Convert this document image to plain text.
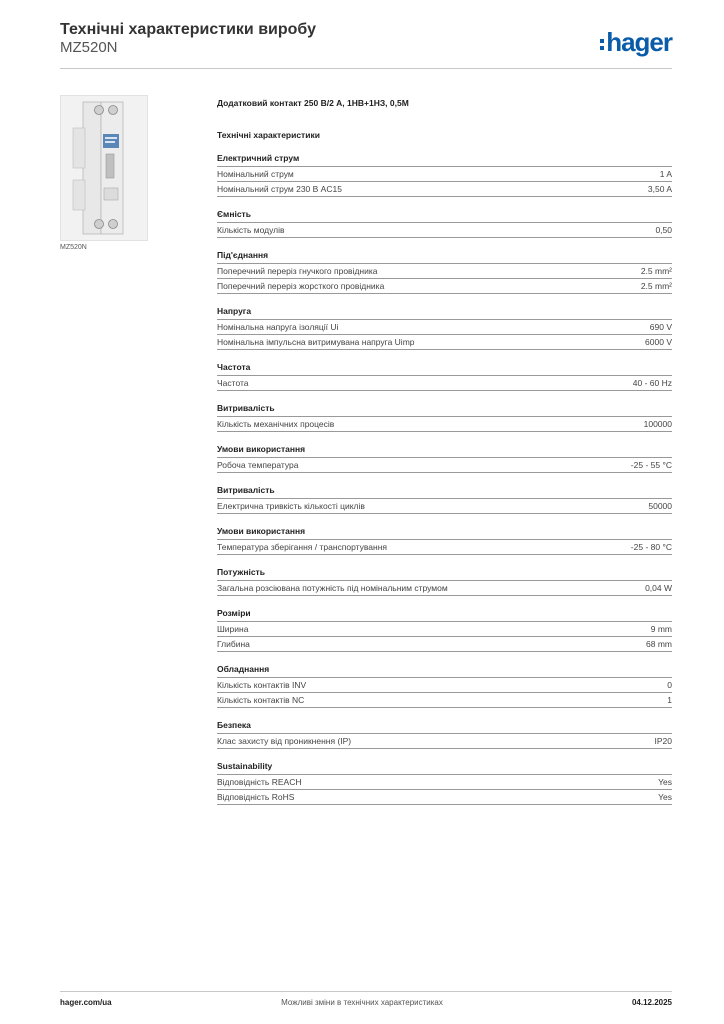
Технічні характеристики виробу
MZ520N	hager
MZ520N
Додатковий контакт 250 В/2 А, 1НВ+1НЗ, 0,5М
Технічні характеристики
Електричний струм
Номінальний струм	1 A
Номінальний струм 230 В AC15	3,50 A
Ємність
Кількість модулів	0,50
Під'єднання
Поперечний переріз гнучкого провідника	2.5 mm²
Поперечний переріз жорсткого провідника	2.5 mm²
Напруга
Номінальна напруга ізоляції Ui	690 V
Номінальна імпульсна витримувана напруга Uimp	6000 V
Частота
Частота	40 - 60 Hz
Витривалість
Кількість механічних процесів	100000
Умови використання
Робоча температура	-25 - 55 °C
Витривалість
Електрична тривкість кількості циклів	50000
Умови використання
Температура зберігання / транспортування	-25 - 80 °C
Потужність
Загальна розсіювана потужність під номінальним струмом	0,04 W
Розміри
Ширина	9 mm
Глибина	68 mm
Обладнання
Кількість контактів INV	0
Кількість контактів NC	1
Безпека
Клас захисту від проникнення (IP)	IP20
Sustainability
Відповідність REACH	Yes
Відповідність RoHS	Yes
hager.com/ua	Можливі зміни в технічних характеристиках	04.12.2025
